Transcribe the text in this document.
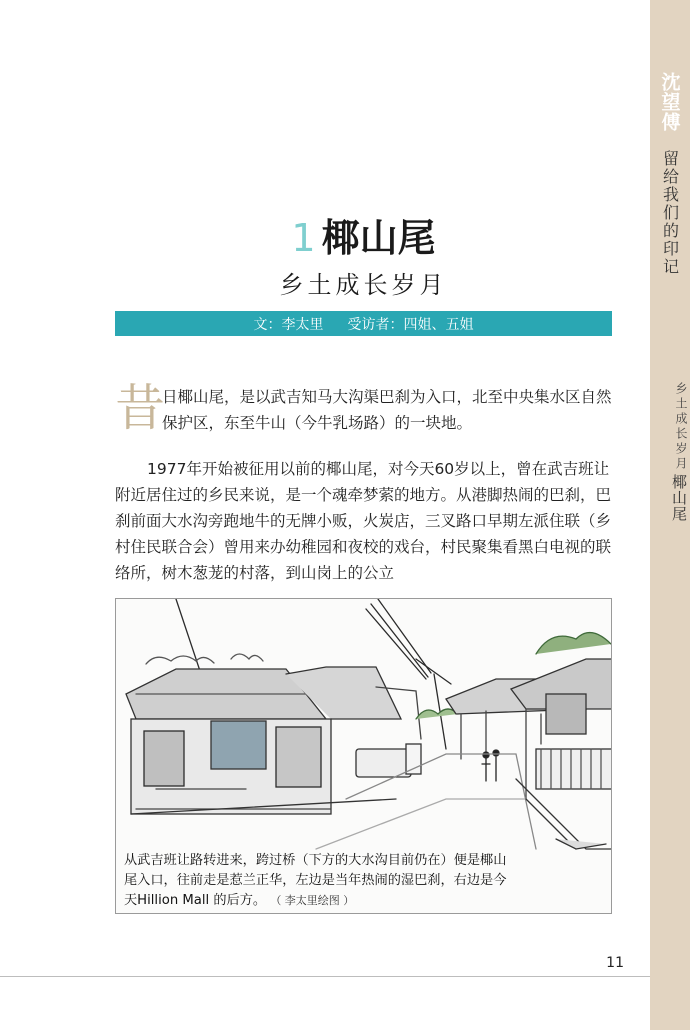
沈望傅
留给我们的印记
椰山尾
乡土成长岁月
1 椰山尾
乡土成长岁月
文：李太里 受访者：四姐、五姐
昔
日椰山尾，是以武吉知马大沟渠巴刹为入口，北至中央集水区自然保护区，东至牛山（今牛乳场路）的一块地。
1977年开始被征用以前的椰山尾，对今天60岁以上，曾在武吉班让附近居住过的乡民来说，是一个魂牵梦萦的地方。从港脚热闹的巴刹，巴刹前面大水沟旁跑地牛的无牌小贩，火炭店，三叉路口早期左派住联（乡村住民联合会）曾用来办幼稚园和夜校的戏台，村民聚集看黑白电视的联络所，树木葱茏的村落，到山岗上的公立
从武吉班让路转进来，跨过桥（下方的大水沟目前仍在）便是椰山尾入口，往前走是惹兰正华，左边是当年热闹的湿巴刹，右边是今天Hillion Mall 的后方。 （ 李太里绘图 ）
11
